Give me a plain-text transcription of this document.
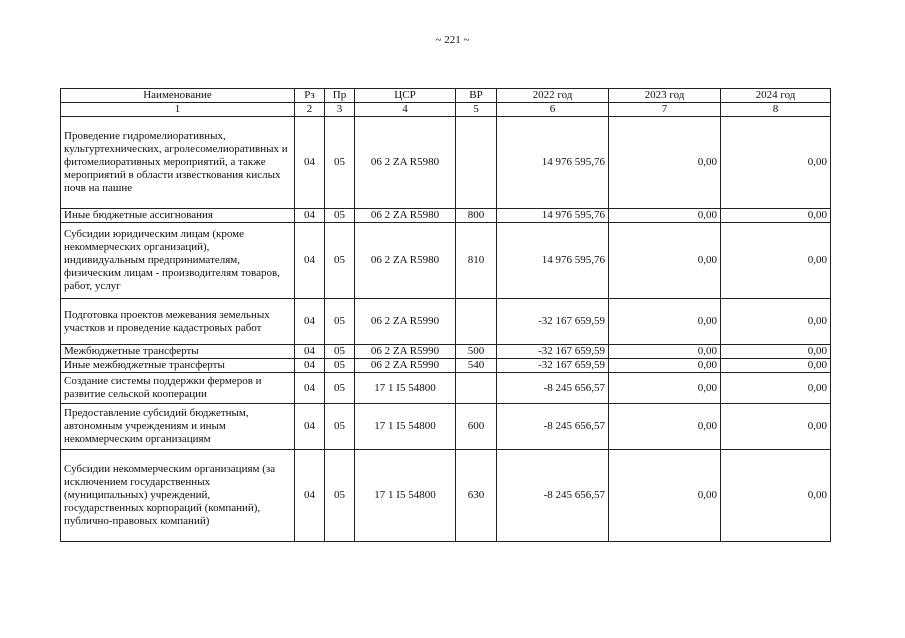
~ 221 ~
Наименование	Рз	Пр	ЦСР	ВР	2022 год	2023 год	2024 год
1	2	3	4	5	6	7	8
Проведение гидромелиоративных, культуртехнических, агролесомелиоративных и фитомелиоративных мероприятий, а также мероприятий в области известкования кислых почв на пашне	04	05	06 2 ZA R5980		14 976 595,76	0,00	0,00
Иные бюджетные ассигнования	04	05	06 2 ZA R5980	800	14 976 595,76	0,00	0,00
Субсидии юридическим лицам (кроме некоммерческих организаций), индивидуальным предпринимателям, физическим лицам - производителям товаров, работ, услуг	04	05	06 2 ZA R5980	810	14 976 595,76	0,00	0,00
Подготовка проектов межевания земельных участков и проведение кадастровых работ	04	05	06 2 ZA R5990		-32 167 659,59	0,00	0,00
Межбюджетные трансферты	04	05	06 2 ZA R5990	500	-32 167 659,59	0,00	0,00
Иные межбюджетные трансферты	04	05	06 2 ZA R5990	540	-32 167 659,59	0,00	0,00
Создание системы поддержки фермеров и развитие сельской кооперации	04	05	17 1 I5 54800		-8 245 656,57	0,00	0,00
Предоставление субсидий бюджетным, автономным учреждениям и иным некоммерческим организациям	04	05	17 1 I5 54800	600	-8 245 656,57	0,00	0,00
Субсидии некоммерческим организациям (за исключением государственных (муниципальных) учреждений, государственных корпораций (компаний), публично-правовых компаний)	04	05	17 1 I5 54800	630	-8 245 656,57	0,00	0,00
